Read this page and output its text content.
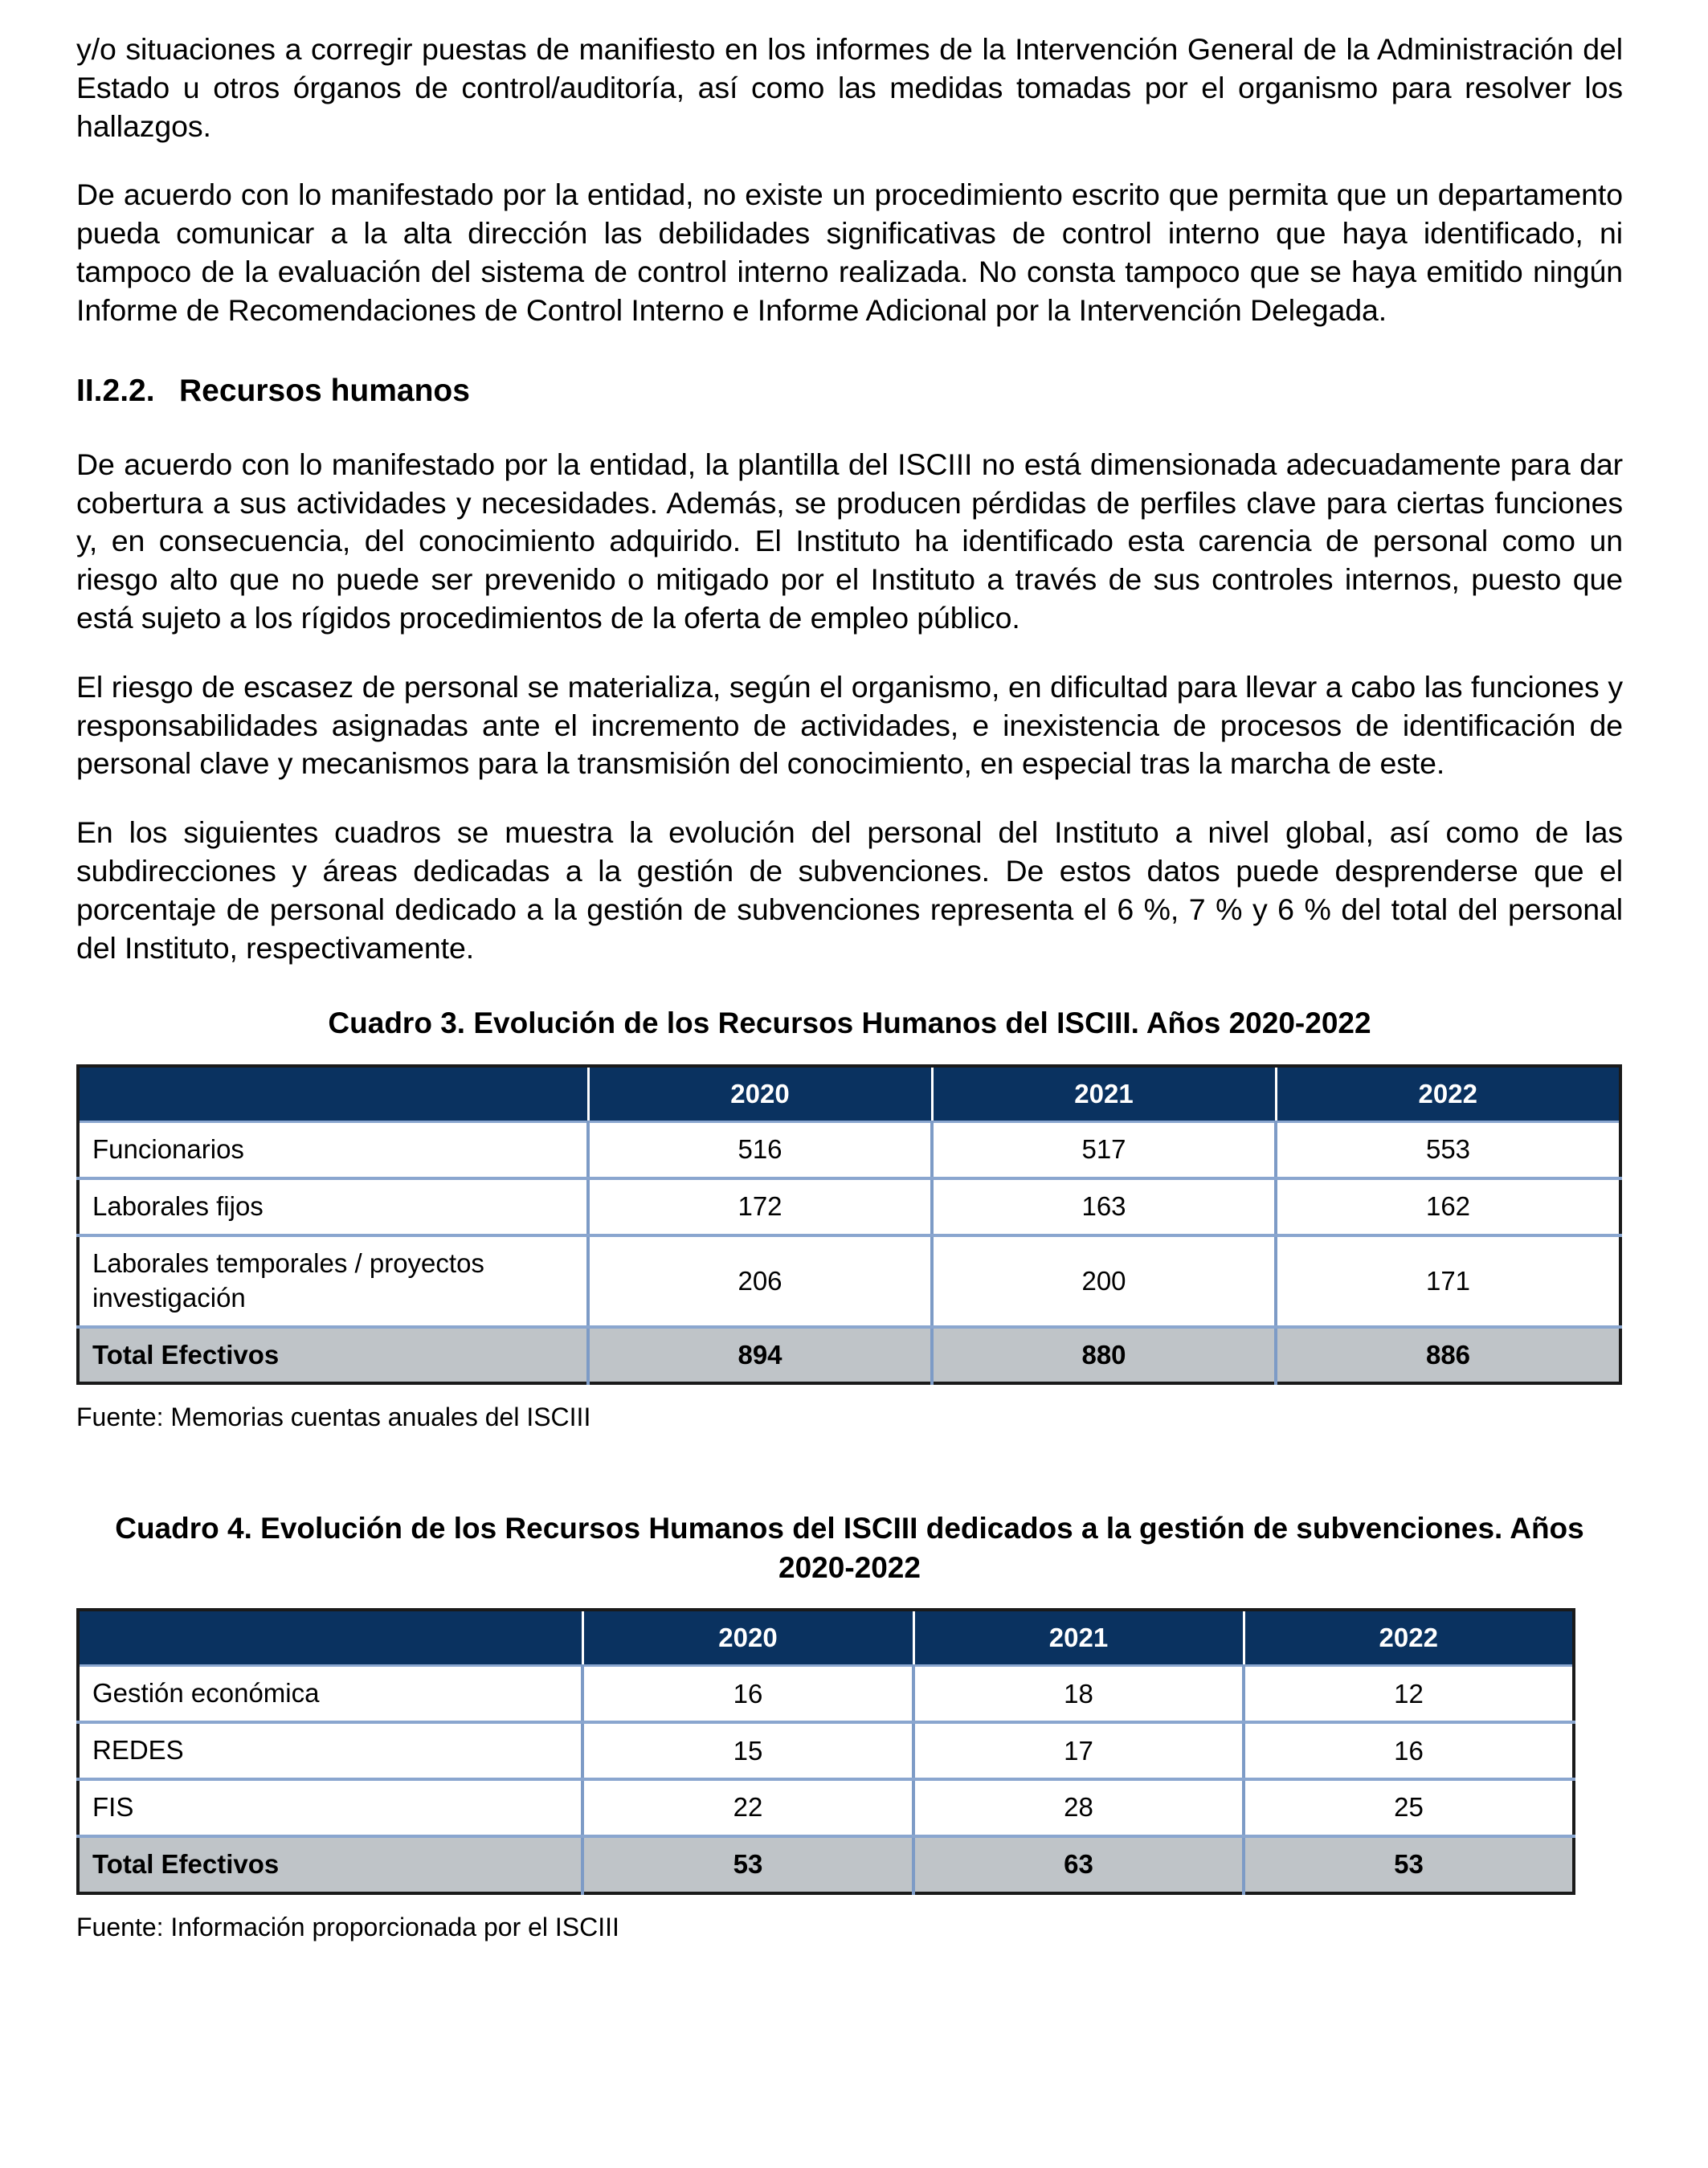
y/o situaciones a corregir puestas de manifiesto en los informes de la Intervención General de la Administración del Estado u otros órganos de control/auditoría, así como las medidas tomadas por el organismo para resolver los hallazgos.

De acuerdo con lo manifestado por la entidad, no existe un procedimiento escrito que permita que un departamento pueda comunicar a la alta dirección las debilidades significativas de control interno que haya identificado, ni tampoco de la evaluación del sistema de control interno realizada. No consta tampoco que se haya emitido ningún Informe de Recomendaciones de Control Interno e Informe Adicional por la Intervención Delegada.

II.2.2. Recursos humanos

De acuerdo con lo manifestado por la entidad, la plantilla del ISCIII no está dimensionada adecuadamente para dar cobertura a sus actividades y necesidades. Además, se producen pérdidas de perfiles clave para ciertas funciones y, en consecuencia, del conocimiento adquirido. El Instituto ha identificado esta carencia de personal como un riesgo alto que no puede ser prevenido o mitigado por el Instituto a través de sus controles internos, puesto que está sujeto a los rígidos procedimientos de la oferta de empleo público.

El riesgo de escasez de personal se materializa, según el organismo, en dificultad para llevar a cabo las funciones y responsabilidades asignadas ante el incremento de actividades, e inexistencia de procesos de identificación de personal clave y mecanismos para la transmisión del conocimiento, en especial tras la marcha de este.

En los siguientes cuadros se muestra la evolución del personal del Instituto a nivel global, así como de las subdirecciones y áreas dedicadas a la gestión de subvenciones. De estos datos puede desprenderse que el porcentaje de personal dedicado a la gestión de subvenciones representa el 6 %, 7 % y 6 % del total del personal del Instituto, respectivamente.

Cuadro 3. Evolución de los Recursos Humanos del ISCIII. Años 2020-2022
	2020	2021	2022
Funcionarios	516	517	553
Laborales fijos	172	163	162
Laborales temporales / proyectos investigación	206	200	171
Total Efectivos	894	880	886
Fuente: Memorias cuentas anuales del ISCIII
Cuadro 4. Evolución de los Recursos Humanos del ISCIII dedicados a la gestión de subvenciones. Años 2020-2022
	2020	2021	2022
Gestión económica	16	18	12
REDES	15	17	16
FIS	22	28	25
Total Efectivos	53	63	53
Fuente: Información proporcionada por el ISCIII
